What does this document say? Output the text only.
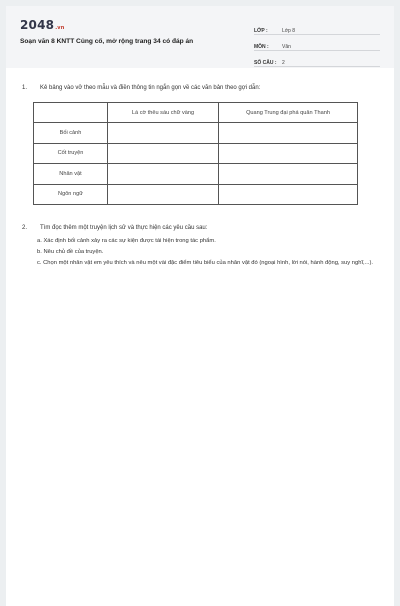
2048.vn
Soạn văn 8 KNTT Củng cố, mở rộng trang 34 có đáp án
LỚP :	Lớp 8
MÔN :	Văn
SỐ CÂU :	2
1. Kẻ bảng vào vở theo mẫu và điền thông tin ngắn gọn về các văn bản theo gợi dẫn:
	Lá cờ thêu sáu chữ vàng	Quang Trung đại phá quân Thanh
Bối cảnh		
Cốt truyện		
Nhân vật		
Ngôn ngữ		
2. Tìm đọc thêm một truyện lịch sử và thực hiện các yêu cầu sau:
a. Xác định bối cảnh xảy ra các sự kiện được tái hiện trong tác phẩm.
b. Nêu chủ đề của truyện.
c. Chọn một nhân vật em yêu thích và nêu một vài đặc điểm tiêu biểu của nhân vật đó (ngoại hình, lời nói, hành động, suy nghĩ,...).
